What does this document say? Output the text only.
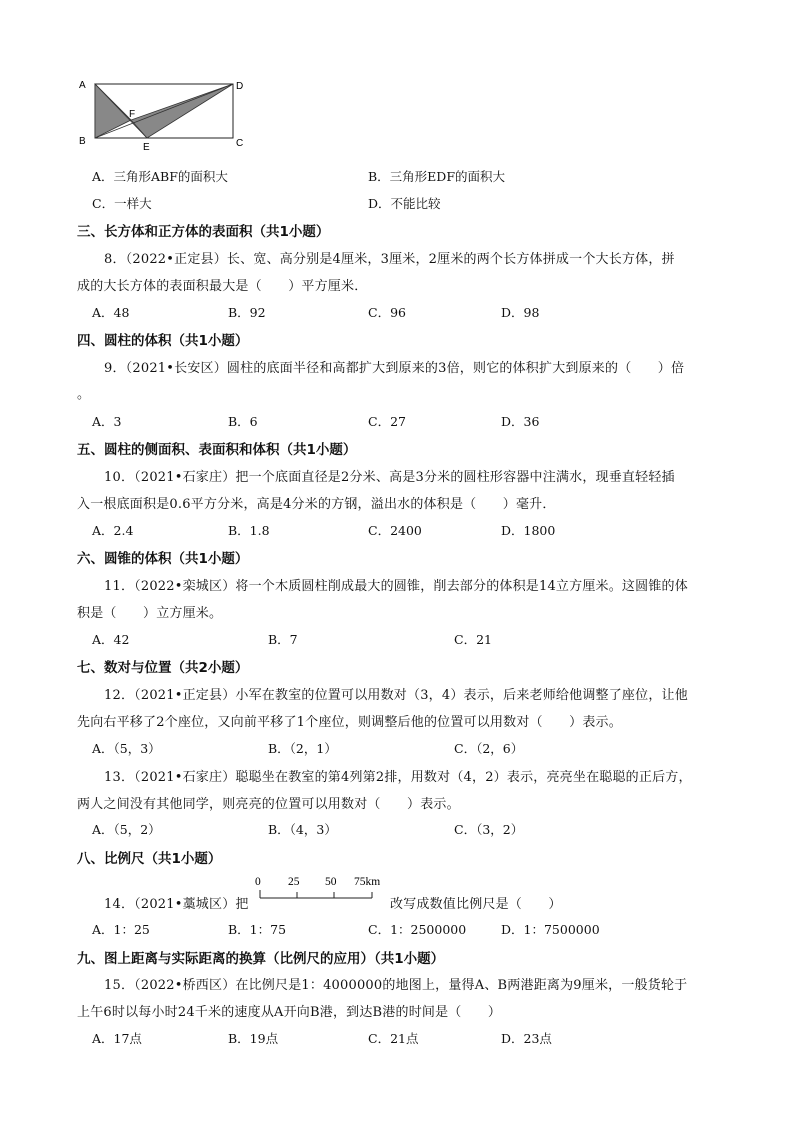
A
B	C
D
E
F
A．三角形ABF的面积大	B．三角形EDF的面积大
C．一样大	D．不能比较
三、长方体和正方体的表面积（共1小题）
8．（2022•正定县）长、宽、高分别是4厘米，3厘米，2厘米的两个长方体拼成一个大长方体，拼
成的大长方体的表面积最大是（　　）平方厘米．
A．48	B．92	C．96	D．98
四、圆柱的体积（共1小题）
9．（2021•长安区）圆柱的底面半径和高都扩大到原来的3倍，则它的体积扩大到原来的（　　）倍
。
A．3	B．6	C．27	D．36
五、圆柱的侧面积、表面积和体积（共1小题）
10．（2021•石家庄）把一个底面直径是2分米、高是3分米的圆柱形容器中注满水，现垂直轻轻插
入一根底面积是0.6平方分米，高是4分米的方钢，溢出水的体积是（　　）毫升．
A．2.4	B．1.8	C．2400	D．1800
六、圆锥的体积（共1小题）
11．（2022•栾城区）将一个木质圆柱削成最大的圆锥，削去部分的体积是14立方厘米。这圆锥的体
积是（　　）立方厘米。
A．42	B．7	C．21
七、数对与位置（共2小题）
12．（2021•正定县）小军在教室的位置可以用数对（3，4）表示，后来老师给他调整了座位，让他
先向右平移了2个座位，又向前平移了1个座位，则调整后他的位置可以用数对（　　）表示。
A．（5，3）	B．（2，1）	C．（2，6）
13．（2021•石家庄）聪聪坐在教室的第4列第2排，用数对（4，2）表示，亮亮坐在聪聪的正后方，
两人之间没有其他同学，则亮亮的位置可以用数对（　　）表示。
A．（5，2）	B．（4，3）	C．（3，2）
八、比例尺（共1小题）
14．（2021•藁城区）把
0 25 50 75km
改写成数值比例尺是（　　）
A．1：25	B．1：75	C．1：2500000	D．1：7500000
九、图上距离与实际距离的换算（比例尺的应用）（共1小题）
15．（2022•桥西区）在比例尺是1：4000000的地图上，量得A、B两港距离为9厘米，一般货轮于
上午6时以每小时24千米的速度从A开向B港，到达B港的时间是（　　）
A．17点	B．19点	C．21点	D．23点
